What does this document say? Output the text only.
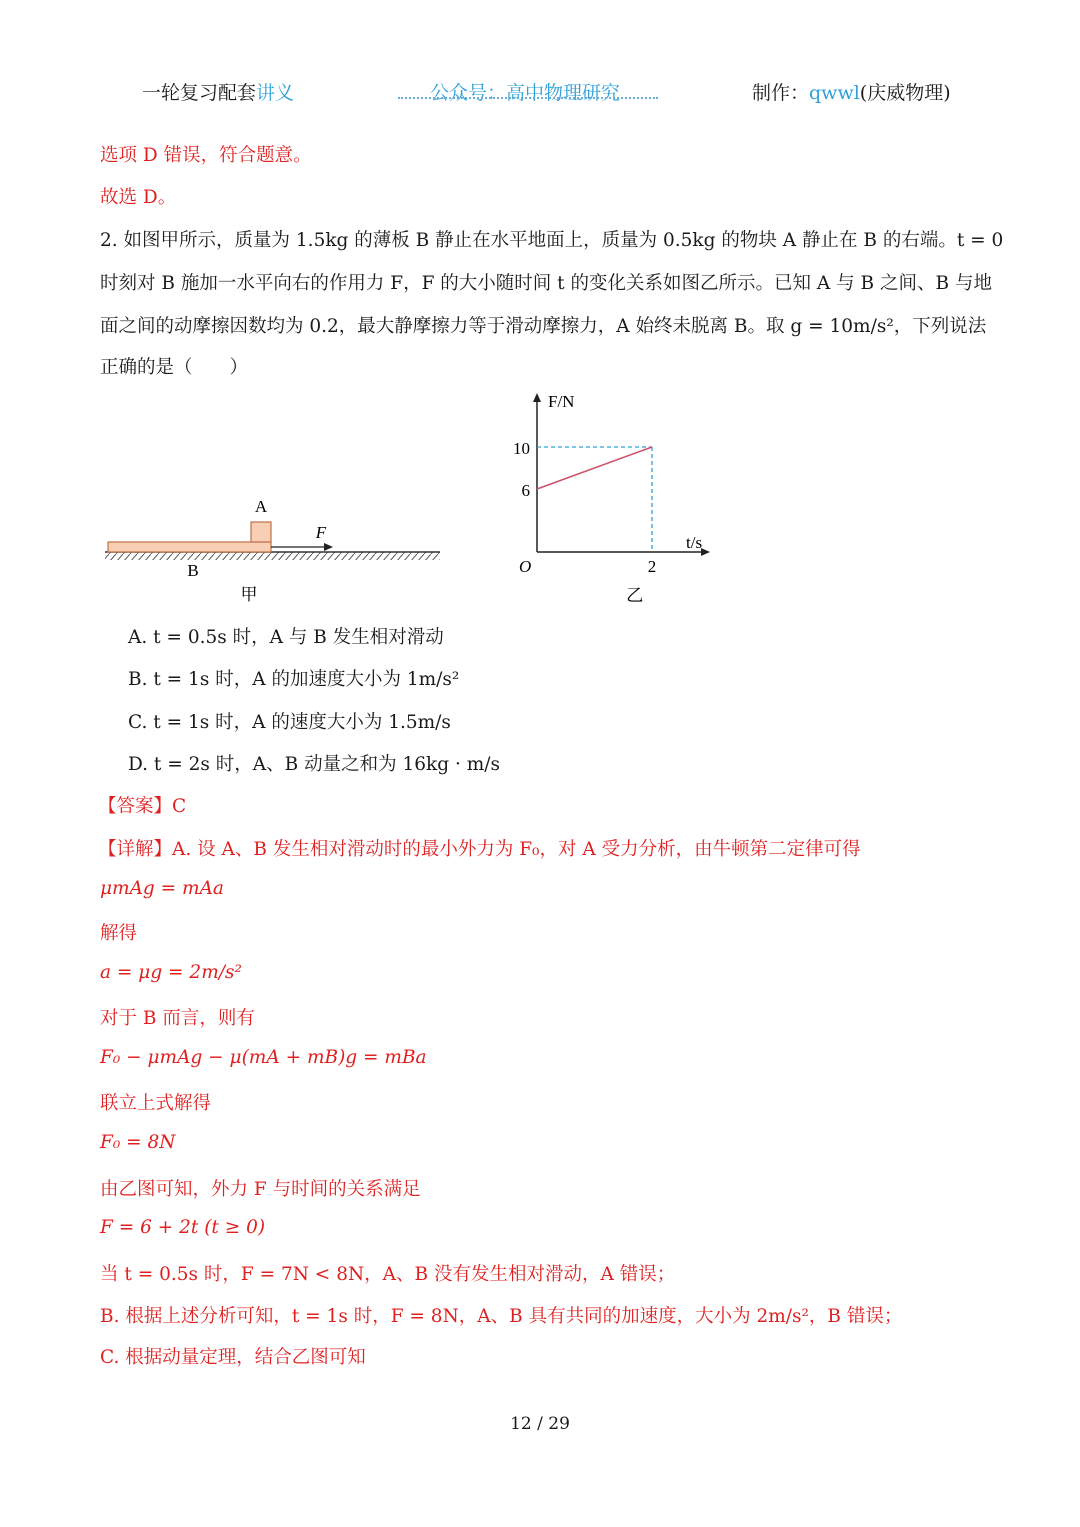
一轮复习配套讲义	公众号：高中物理研究	制作：qwwl(庆威物理)
选项 D 错误，符合题意。
故选 D。
2. 如图甲所示，质量为 1.5kg 的薄板 B 静止在水平地面上，质量为 0.5kg 的物块 A 静止在 B 的右端。t = 0
时刻对 B 施加一水平向右的作用力 F，F 的大小随时间 t 的变化关系如图乙所示。已知 A 与 B 之间、B 与地
面之间的动摩擦因数均为 0.2，最大静摩擦力等于滑动摩擦力，A 始终未脱离 B。取 g = 10m/s²，下列说法
正确的是（　　）
A
B
F
甲
F/N
t/s
O
6
10
2
乙
A. t = 0.5s 时，A 与 B 发生相对滑动
B. t = 1s 时，A 的加速度大小为 1m/s²
C. t = 1s 时，A 的速度大小为 1.5m/s
D. t = 2s 时，A、B 动量之和为 16kg · m/s
【答案】C
【详解】A. 设 A、B 发生相对滑动时的最小外力为 F₀，对 A 受力分析，由牛顿第二定律可得
μmAg = mAa
解得
a = μg = 2m/s²
对于 B 而言，则有
F₀ − μmAg − μ(mA + mB)g = mBa
联立上式解得
F₀ = 8N
由乙图可知，外力 F 与时间的关系满足
F = 6 + 2t (t ≥ 0)
当 t = 0.5s 时，F = 7N < 8N，A、B 没有发生相对滑动，A 错误；
B. 根据上述分析可知，t = 1s 时，F = 8N，A、B 具有共同的加速度，大小为 2m/s²，B 错误；
C. 根据动量定理，结合乙图可知
12 / 29
